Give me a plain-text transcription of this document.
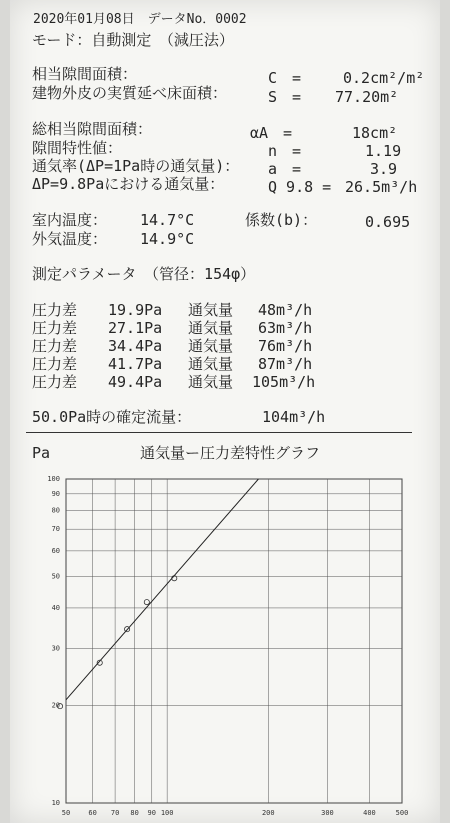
2020年01月08日　データNo．0002
モード：自動測定　（減圧法）
相当隙間面積：	C　=	0.2cm²/m²
建物外皮の実質延べ床面積：	S　= 77.20m²
総相当隙間面積：	αA　=	18cm²
隙間特性値：	n　=	1.19
通気率(ΔP=1Pa時の通気量)： a　=	3.9
ΔP=9.8Paにおける通気量：	Q 9.8 = 26.5m³/h
室内温度： 14.7°C	係数(b)：	0.695
外気温度： 14.9°C
測定パラメータ　（管径：154φ）
圧力差 19.9Pa 通気量 48m³/h
圧力差 27.1Pa 通気量 63m³/h
圧力差 34.4Pa 通気量 76m³/h
圧力差 41.7Pa 通気量 87m³/h
圧力差 49.4Pa 通気量 105m³/h
50.0Pa時の確定流量：	104m³/h
Pa	通気量ー圧力差特性グラフ
50	60 70 80 90 100	200	300	400	500
10
20
30
40
50
60
70
80
90
100
